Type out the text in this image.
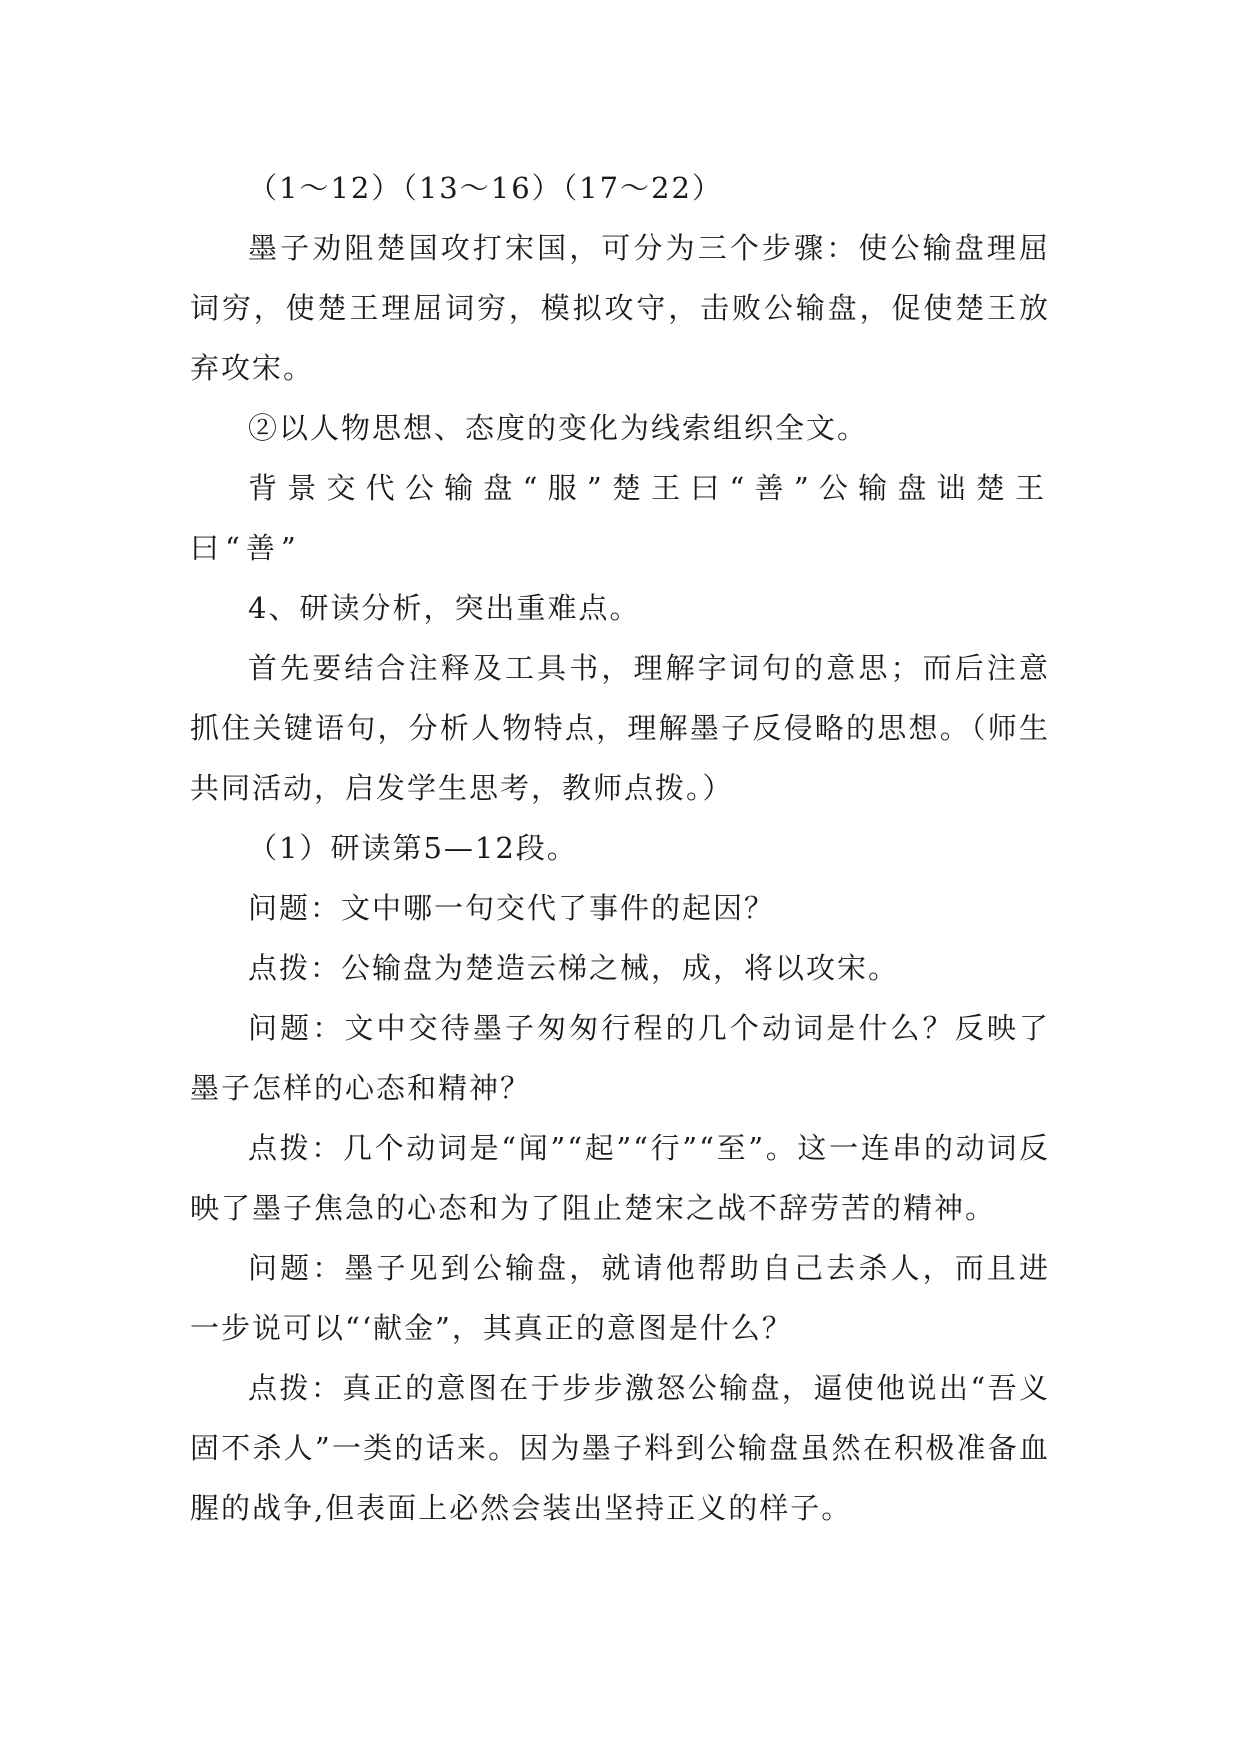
（1～12）（13～16）（17～22）

墨子劝阻楚国攻打宋国，可分为三个步骤：使公输盘理屈词穷，使楚王理屈词穷，模拟攻守，击败公输盘，促使楚王放弃攻宋。

②以人物思想、态度的变化为线索组织全文。

背景交代公输盘“服”楚王曰“善”公输盘诎楚王曰“善”

4、研读分析，突出重难点。

首先要结合注释及工具书，理解字词句的意思；而后注意抓住关键语句，分析人物特点，理解墨子反侵略的思想。（师生共同活动，启发学生思考，教师点拨。）

（1）研读第5—12段。

问题：文中哪一句交代了事件的起因？

点拨：公输盘为楚造云梯之械，成，将以攻宋。

问题：文中交待墨子匆匆行程的几个动词是什么？反映了墨子怎样的心态和精神？

点拨：几个动词是“闻”“起”“行”“至”。这一连串的动词反映了墨子焦急的心态和为了阻止楚宋之战不辞劳苦的精神。

问题：墨子见到公输盘，就请他帮助自己去杀人，而且进一步说可以“‘献金”，其真正的意图是什么？

点拨：真正的意图在于步步激怒公输盘，逼使他说出“吾义固不杀人”一类的话来。因为墨子料到公输盘虽然在积极准备血腥的战争,但表面上必然会装出坚持正义的样子。
